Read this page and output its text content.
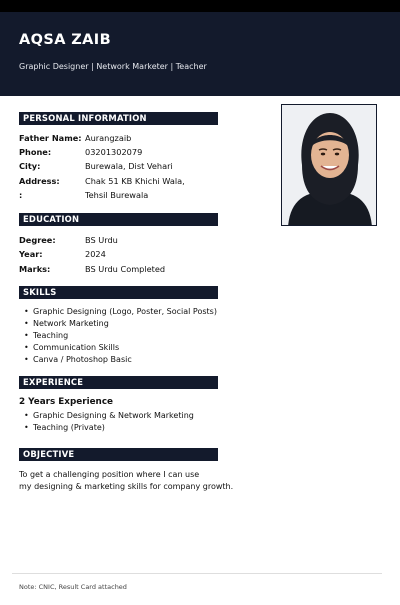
AQSA ZAIB
Graphic Designer | Network Marketer | Teacher
PERSONAL INFORMATION
Father Name: Aurangzaib
Phone:	03201302079
City:	Burewala, Dist Vehari
Address:	Chak 51 KB Khichi Wala,
:	Tehsil Burewala
EDUCATION
Degree:	BS Urdu
Year:	2024
Marks:	BS Urdu Completed
SKILLS
• Graphic Designing (Logo, Poster, Social Posts)
• Network Marketing
• Teaching
• Communication Skills
• Canva / Photoshop Basic
EXPERIENCE
2 Years Experience
• Graphic Designing & Network Marketing
• Teaching (Private)
OBJECTIVE
To get a challenging position where I can use
my designing & marketing skills for company growth.
Note: CNIC, Result Card attached
